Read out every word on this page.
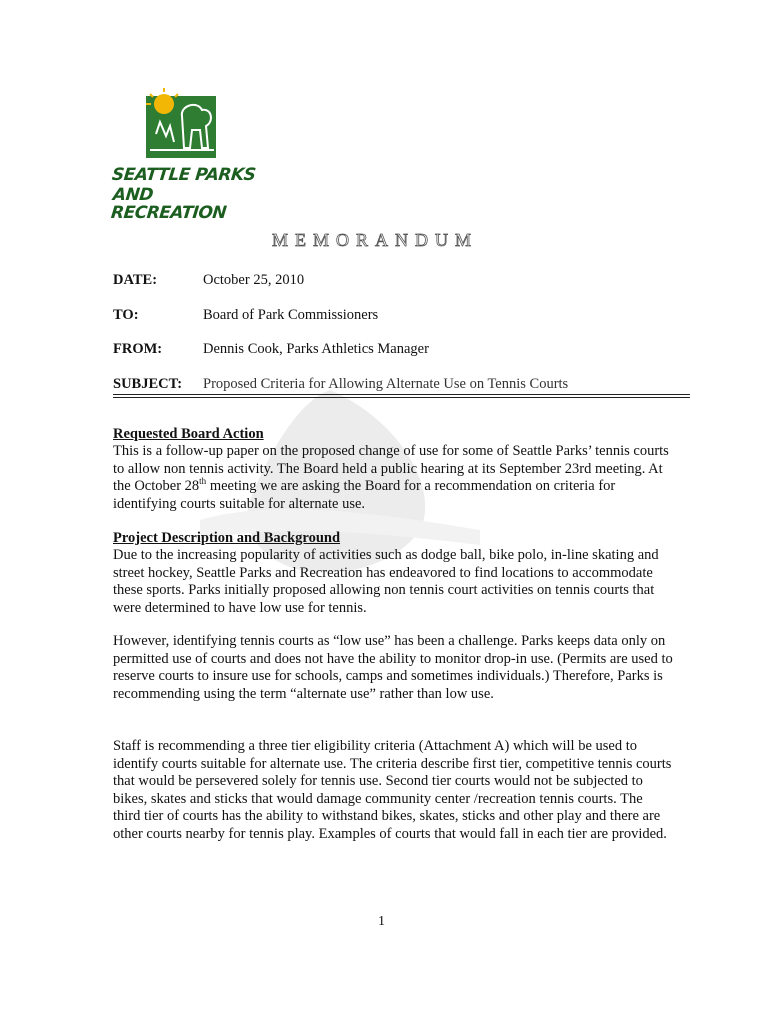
SEATTLE PARKS
AND RECREATION
MEMORANDUM
DATE:	October 25, 2010
TO:	Board of Park Commissioners
FROM:	Dennis Cook, Parks Athletics Manager
SUBJECT: Proposed Criteria for Allowing Alternate Use on Tennis Courts
Requested Board Action

This is a follow-up paper on the proposed change of use for some of Seattle Parks’ tennis courts to allow non tennis activity. The Board held a public hearing at its September 23rd meeting. At the October 28th meeting we are asking the Board for a recommendation on criteria for identifying courts suitable for alternate use.

Project Description and Background

Due to the increasing popularity of activities such as dodge ball, bike polo, in-line skating and street hockey, Seattle Parks and Recreation has endeavored to find locations to accommodate these sports. Parks initially proposed allowing non tennis court activities on tennis courts that were determined to have low use for tennis.

However, identifying tennis courts as “low use” has been a challenge. Parks keeps data only on permitted use of courts and does not have the ability to monitor drop-in use. (Permits are used to reserve courts to insure use for schools, camps and sometimes individuals.) Therefore, Parks is recommending using the term “alternate use” rather than low use.

Staff is recommending a three tier eligibility criteria (Attachment A) which will be used to identify courts suitable for alternate use. The criteria describe first tier, competitive tennis courts that would be persevered solely for tennis use. Second tier courts would not be subjected to bikes, skates and sticks that would damage community center /recreation tennis courts. The third tier of courts has the ability to withstand bikes, skates, sticks and other play and there are other courts nearby for tennis play. Examples of courts that would fall in each tier are provided.

1
